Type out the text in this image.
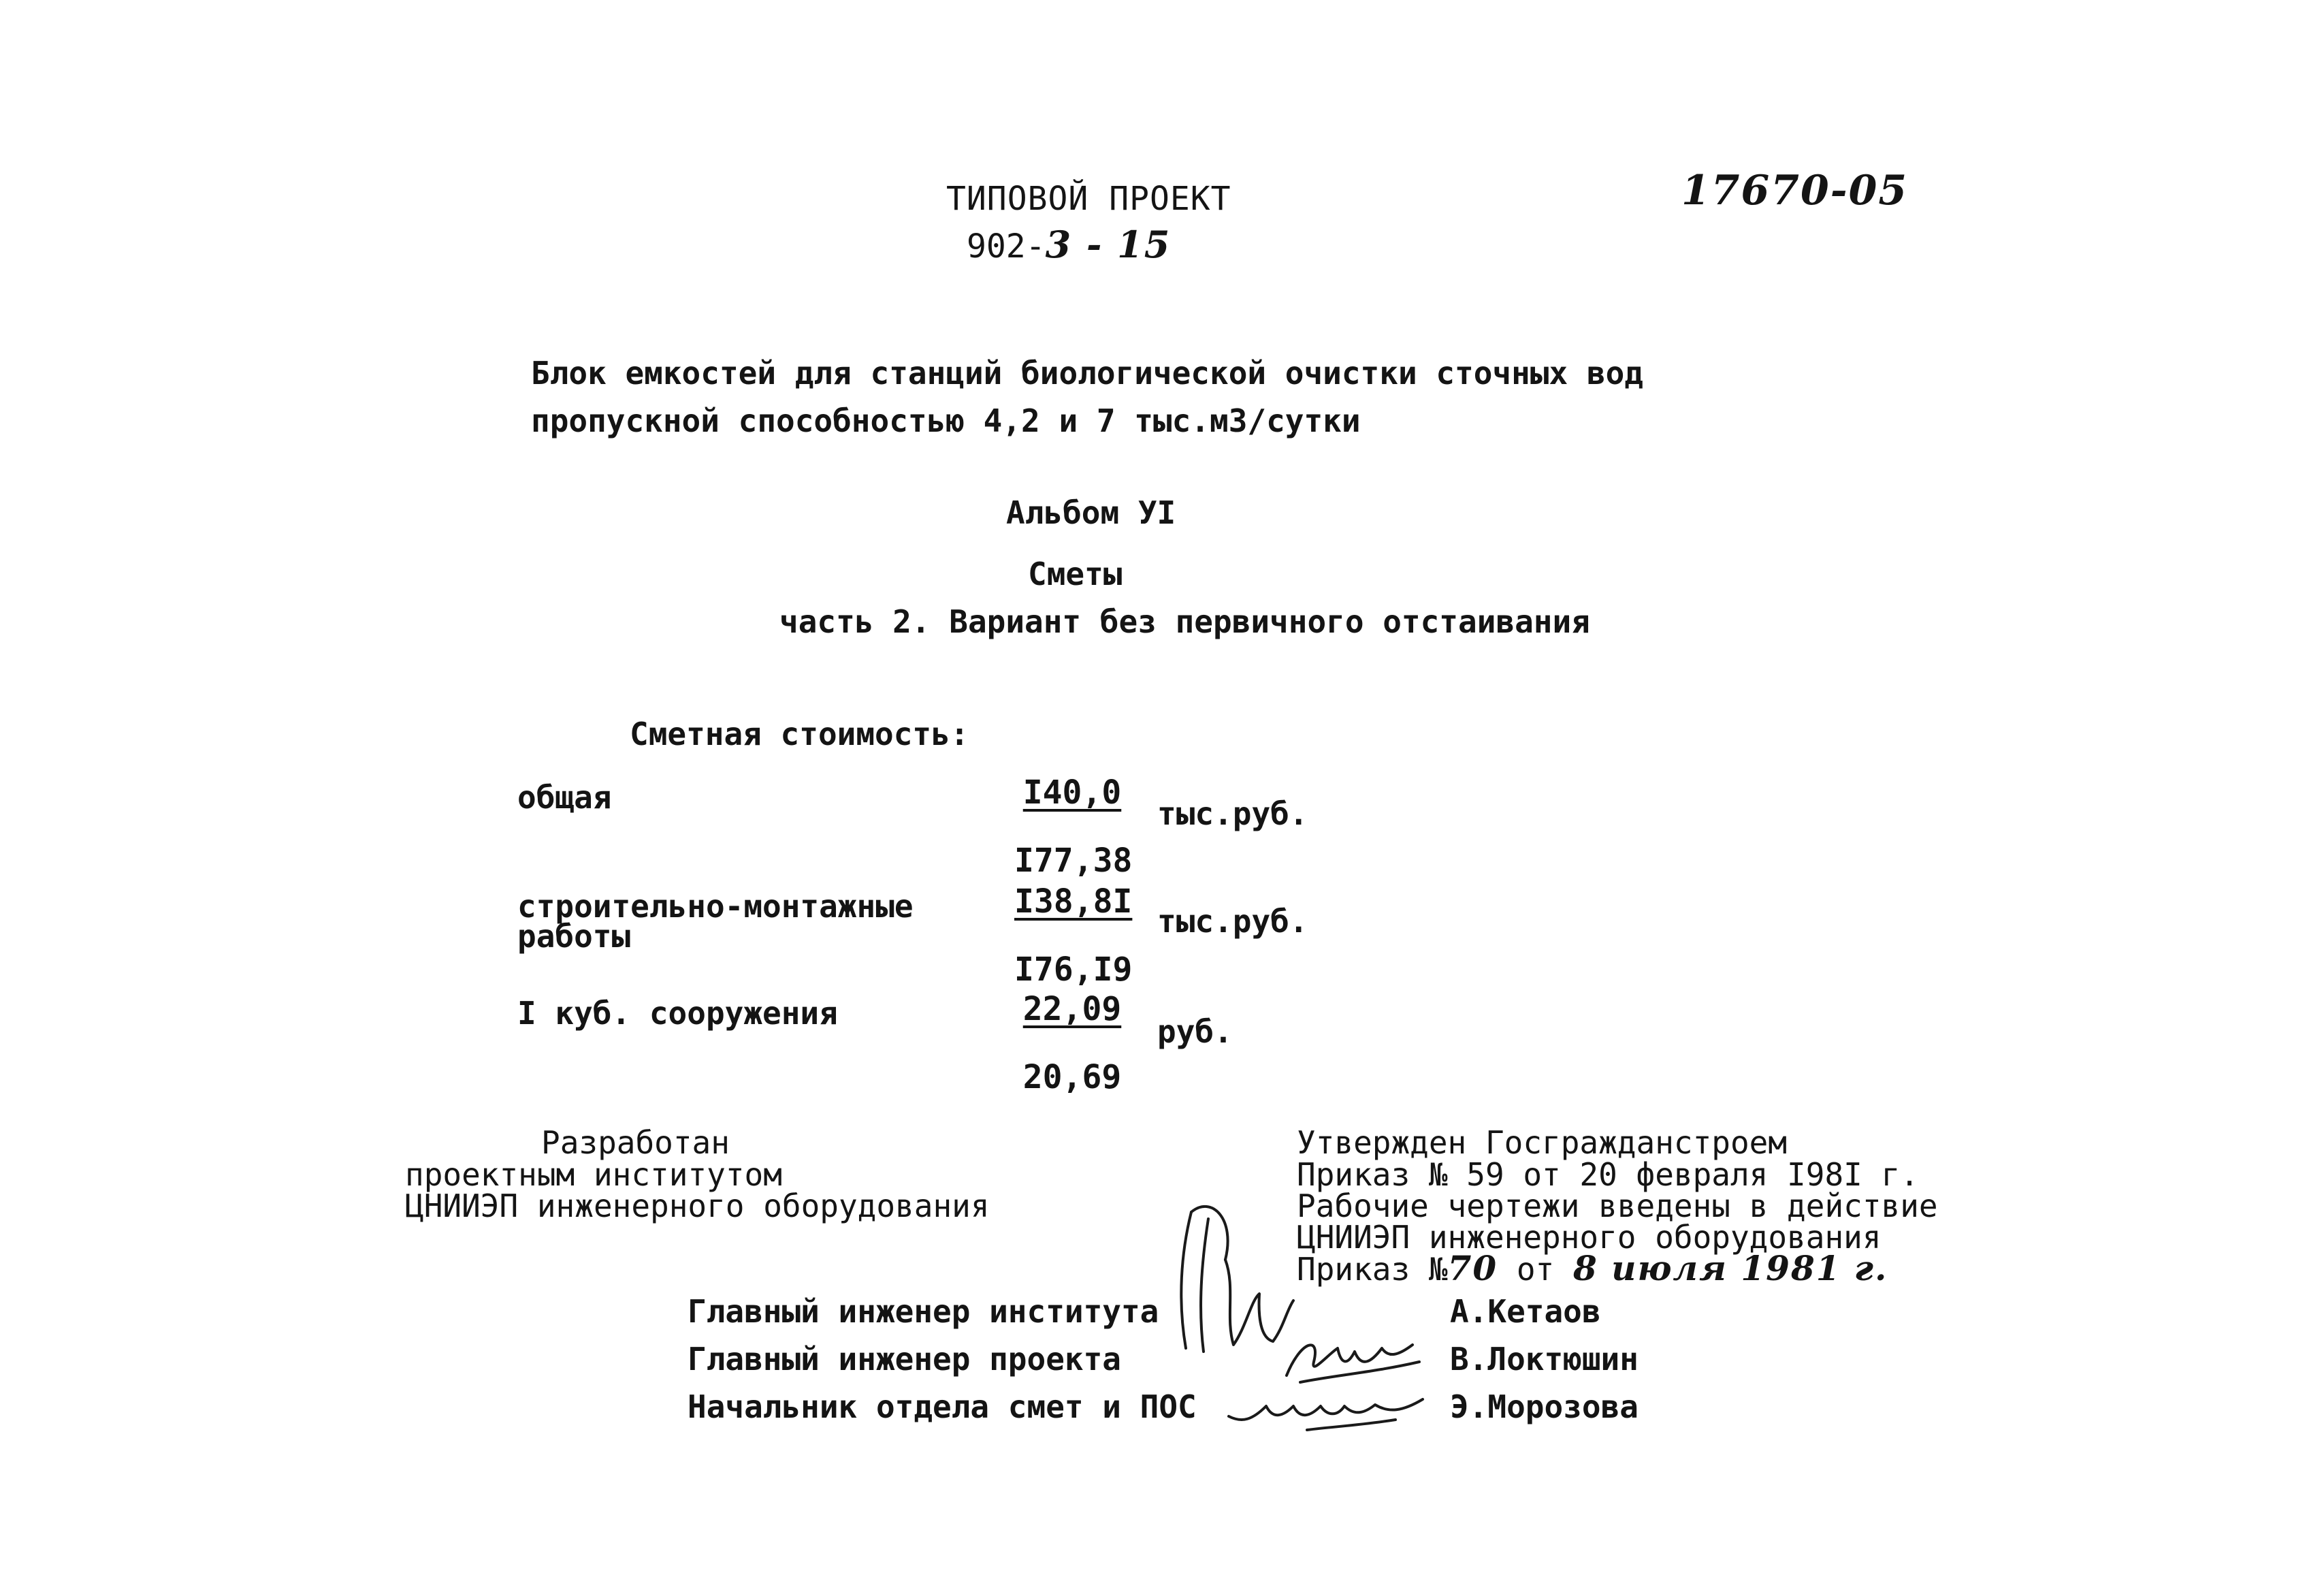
ТИПОВОЙ ПРОЕКТ
902-3 - 15
17670-05
Блок емкостей для станций биологической очистки сточных вод
пропускной способностью 4,2 и 7 тыс.м3/сутки
Альбом УI
Сметы
часть 2. Вариант без первичного отстаивания
Сметная стоимость:
общая	$\frac{I40,0}{I77,38} тыс.руб$.
строительно-монтажные
работы	$\frac{I38,8I}{I76,I9} тыс.руб$.
I куб. сооружения	$\frac{22,09}{20,69}$ руб.
Разработан
проектным институтом
ЦНИИЭП инженерного оборудования
Утвержден Госгражданстроем
Приказ № 59 от 20 февраля I98I г.
Рабочие чертежи введены в действие
ЦНИИЭП инженерного оборудования
Приказ №70 от 8 июля 1981 г.
Главный инженер института	А.Кетаов
Главный инженер проекта	В.Локтюшин
Начальник отдела смет и ПОС	Э.Морозова
